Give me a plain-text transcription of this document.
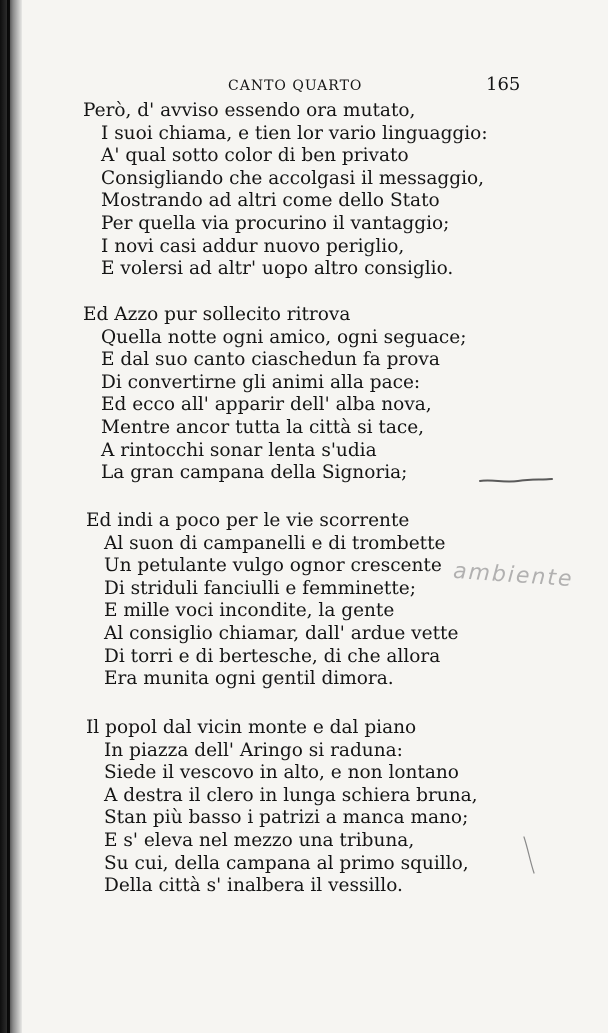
CANTO QUARTO	165
Però, d' avviso essendo ora mutato,
I suoi chiama, e tien lor vario linguaggio:
A' qual sotto color di ben privato
Consigliando che accolgasi il messaggio,
Mostrando ad altri come dello Stato
Per quella via procurino il vantaggio;
I novi casi addur nuovo periglio,
E volersi ad altr' uopo altro consiglio.
Ed Azzo pur sollecito ritrova
Quella notte ogni amico, ogni seguace;
E dal suo canto ciaschedun fa prova
Di convertirne gli animi alla pace:
Ed ecco all' apparir dell' alba nova,
Mentre ancor tutta la città si tace,
A rintocchi sonar lenta s'udia
La gran campana della Signoria;
Ed indi a poco per le vie scorrente
Al suon di campanelli e di trombette
Un petulante vulgo ognor crescente
Di striduli fanciulli e femminette;
E mille voci incondite, la gente
Al consiglio chiamar, dall' ardue vette
Di torri e di bertesche, di che allora
Era munita ogni gentil dimora.
Il popol dal vicin monte e dal piano
In piazza dell' Aringo si raduna:
Siede il vescovo in alto, e non lontano
A destra il clero in lunga schiera bruna,
Stan più basso i patrizi a manca mano;
E s' eleva nel mezzo una tribuna,
Su cui, della campana al primo squillo,
Della città s' inalbera il vessillo.
ambiente
